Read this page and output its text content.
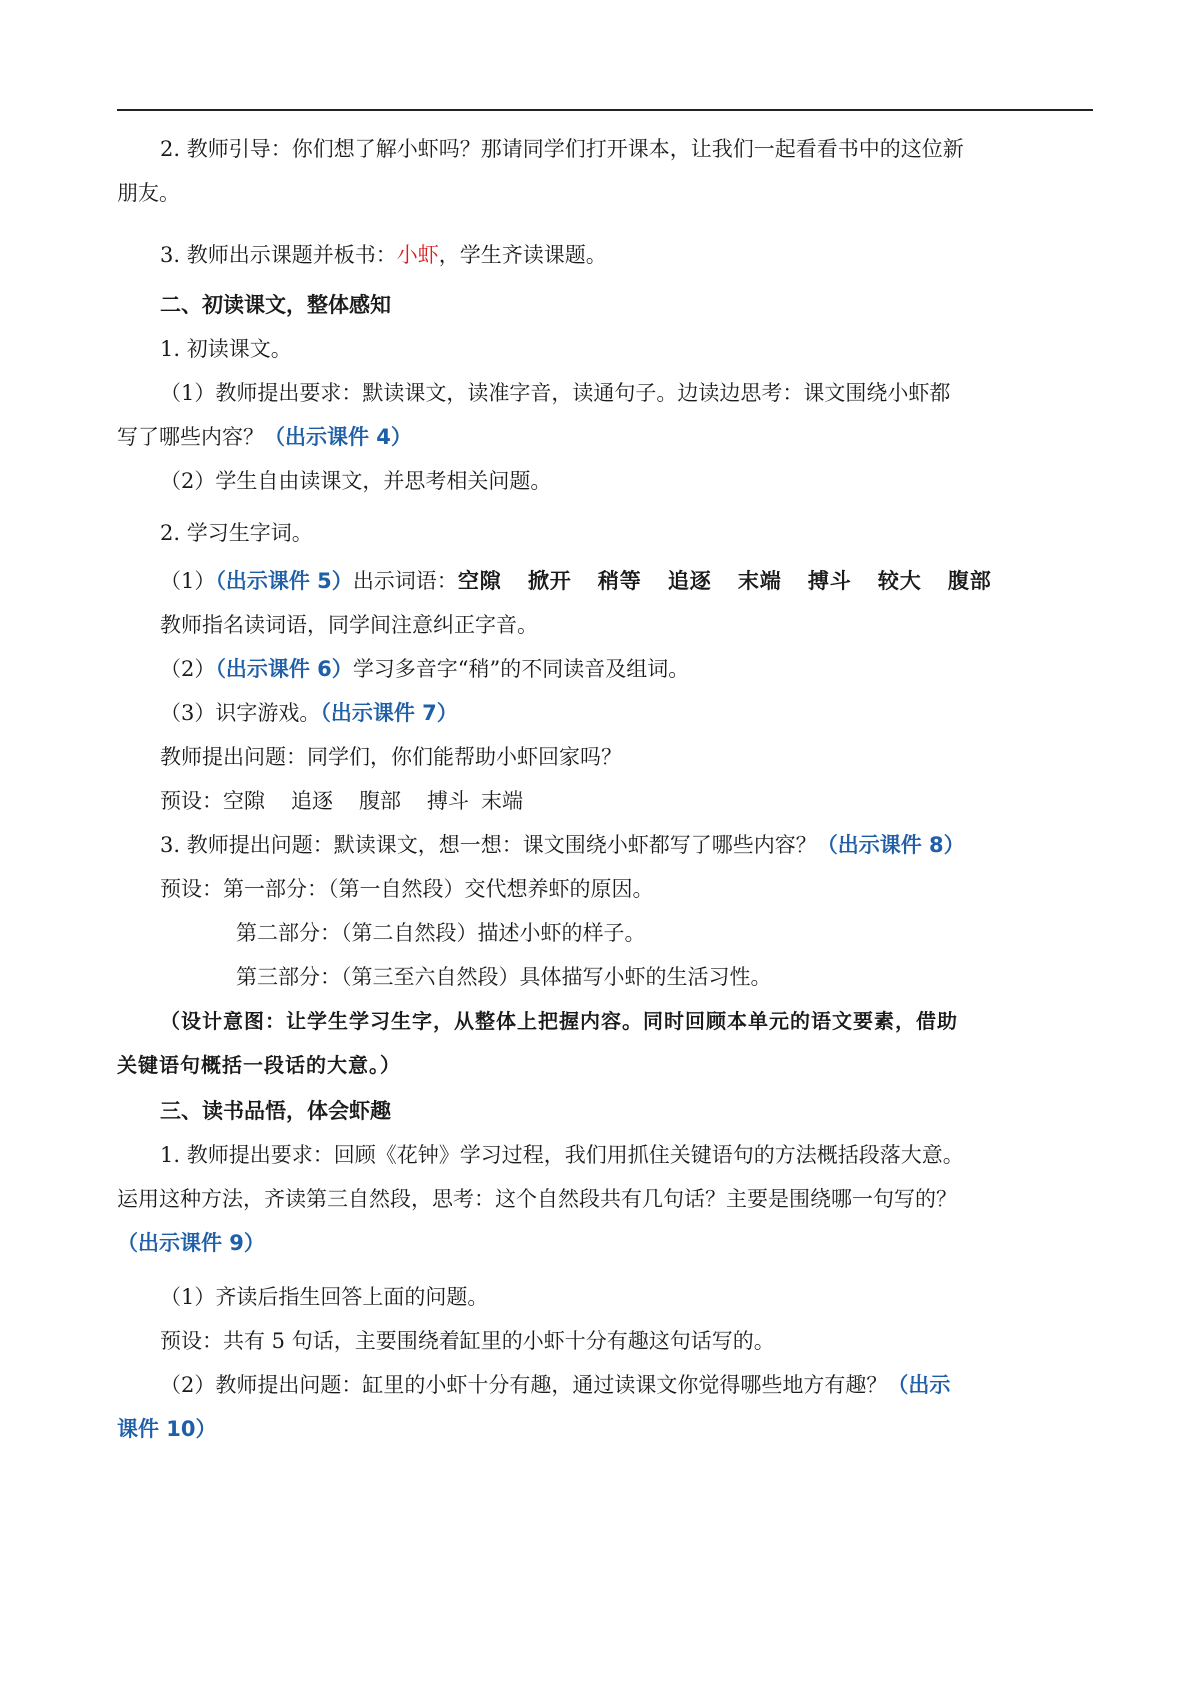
2. 教师引导：你们想了解小虾吗？那请同学们打开课本，让我们一起看看书中的这位新
朋友。
3. 教师出示课题并板书：小虾，学生齐读课题。
二、初读课文，整体感知
1. 初读课文。
（1）教师提出要求：默读课文，读准字音，读通句子。边读边思考：课文围绕小虾都
写了哪些内容？（出示课件 4）
（2）学生自由读课文，并思考相关问题。
2. 学习生字词。
（1）（出示课件 5）出示词语：空隙 掀开 稍等 追逐 末端 搏斗 较大 腹部
教师指名读词语，同学间注意纠正字音。
（2）（出示课件 6）学习多音字“稍”的不同读音及组词。
（3）识字游戏。（出示课件 7）
教师提出问题：同学们，你们能帮助小虾回家吗？
预设：空隙 追逐 腹部 搏斗 末端
3. 教师提出问题：默读课文，想一想：课文围绕小虾都写了哪些内容？（出示课件 8）
预设：第一部分：（第一自然段）交代想养虾的原因。
第二部分：（第二自然段）描述小虾的样子。
第三部分：（第三至六自然段）具体描写小虾的生活习性。
（设计意图：让学生学习生字，从整体上把握内容。同时回顾本单元的语文要素，借助
关键语句概括一段话的大意。）
三、读书品悟，体会虾趣
1. 教师提出要求：回顾《花钟》学习过程，我们用抓住关键语句的方法概括段落大意。
运用这种方法，齐读第三自然段，思考：这个自然段共有几句话？主要是围绕哪一句写的？
（出示课件 9）
（1）齐读后指生回答上面的问题。
预设：共有 5 句话，主要围绕着缸里的小虾十分有趣这句话写的。
（2）教师提出问题：缸里的小虾十分有趣，通过读课文你觉得哪些地方有趣？（出示
课件 10）
